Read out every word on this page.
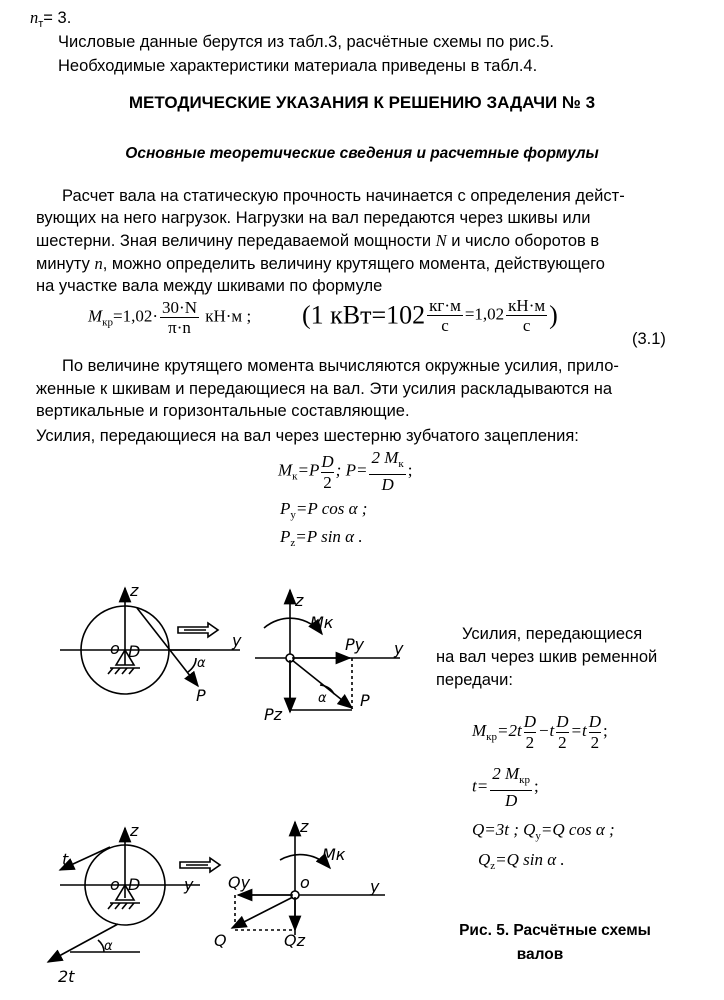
$n_т= 3$.
Числовые данные берутся из табл.3, расчётные схемы по рис.5.
Необходимые характеристики материала приведены в табл.4.
МЕТОДИЧЕСКИЕ УКАЗАНИЯ К РЕШЕНИЮ ЗАДАЧИ № 3
Основные теоретические сведения и расчетные формулы
Расчет вала на статическую прочность начинается с определения дейст-
вующих на него нагрузок. Нагрузки на вал передаются через шкивы или
шестерни. Зная величину передаваемой мощности N и число оборотов в
минуту n, можно определить величину крутящего момента, действующего
на участке вала между шкивами по формуле
$M_{кр}=1,02\cdot \frac{30\cdot N}{\pi\cdot n} кН\cdot м$ ; (1 $кВт=102 \frac{кг\cdot м}{с} =1,02 \frac{кН\cdot м}{с}$ )
(3.1)
По величине крутящего момента вычисляются окружные усилия, прило-
женные к шкивам и передающиеся на вал. Эти усилия раскладываются на
вертикальные и горизонтальные составляющие.
Усилия, передающиеся на вал через шестерню зубчатого зацепления:
$M_к=P \frac{D}{2}$ ; $P= \frac{2 M_к}{D}$ ;
$P_y=P$ cos α ;
$P_z=P$ sin α .
Усилия, передающиеся
на вал через шкив ременной
передачи:
$M_{кр}=2t \frac{D}{2} -t \frac{D}{2} =t \frac{D}{2}$ ;
$t= \frac{2 M_{кр}}{D}$ ;
Q=3t ; $Q_y=Q$ cos α ;
$Q_z=Q$ sin α .
z
y
o D
α
P
z
y
Mк
Py
Pz
P
α
z
y
o D
t
2t
α
z
y
o
Mк
Qy
Q	Qz
Рис. 5. Расчётные схемы
валов
